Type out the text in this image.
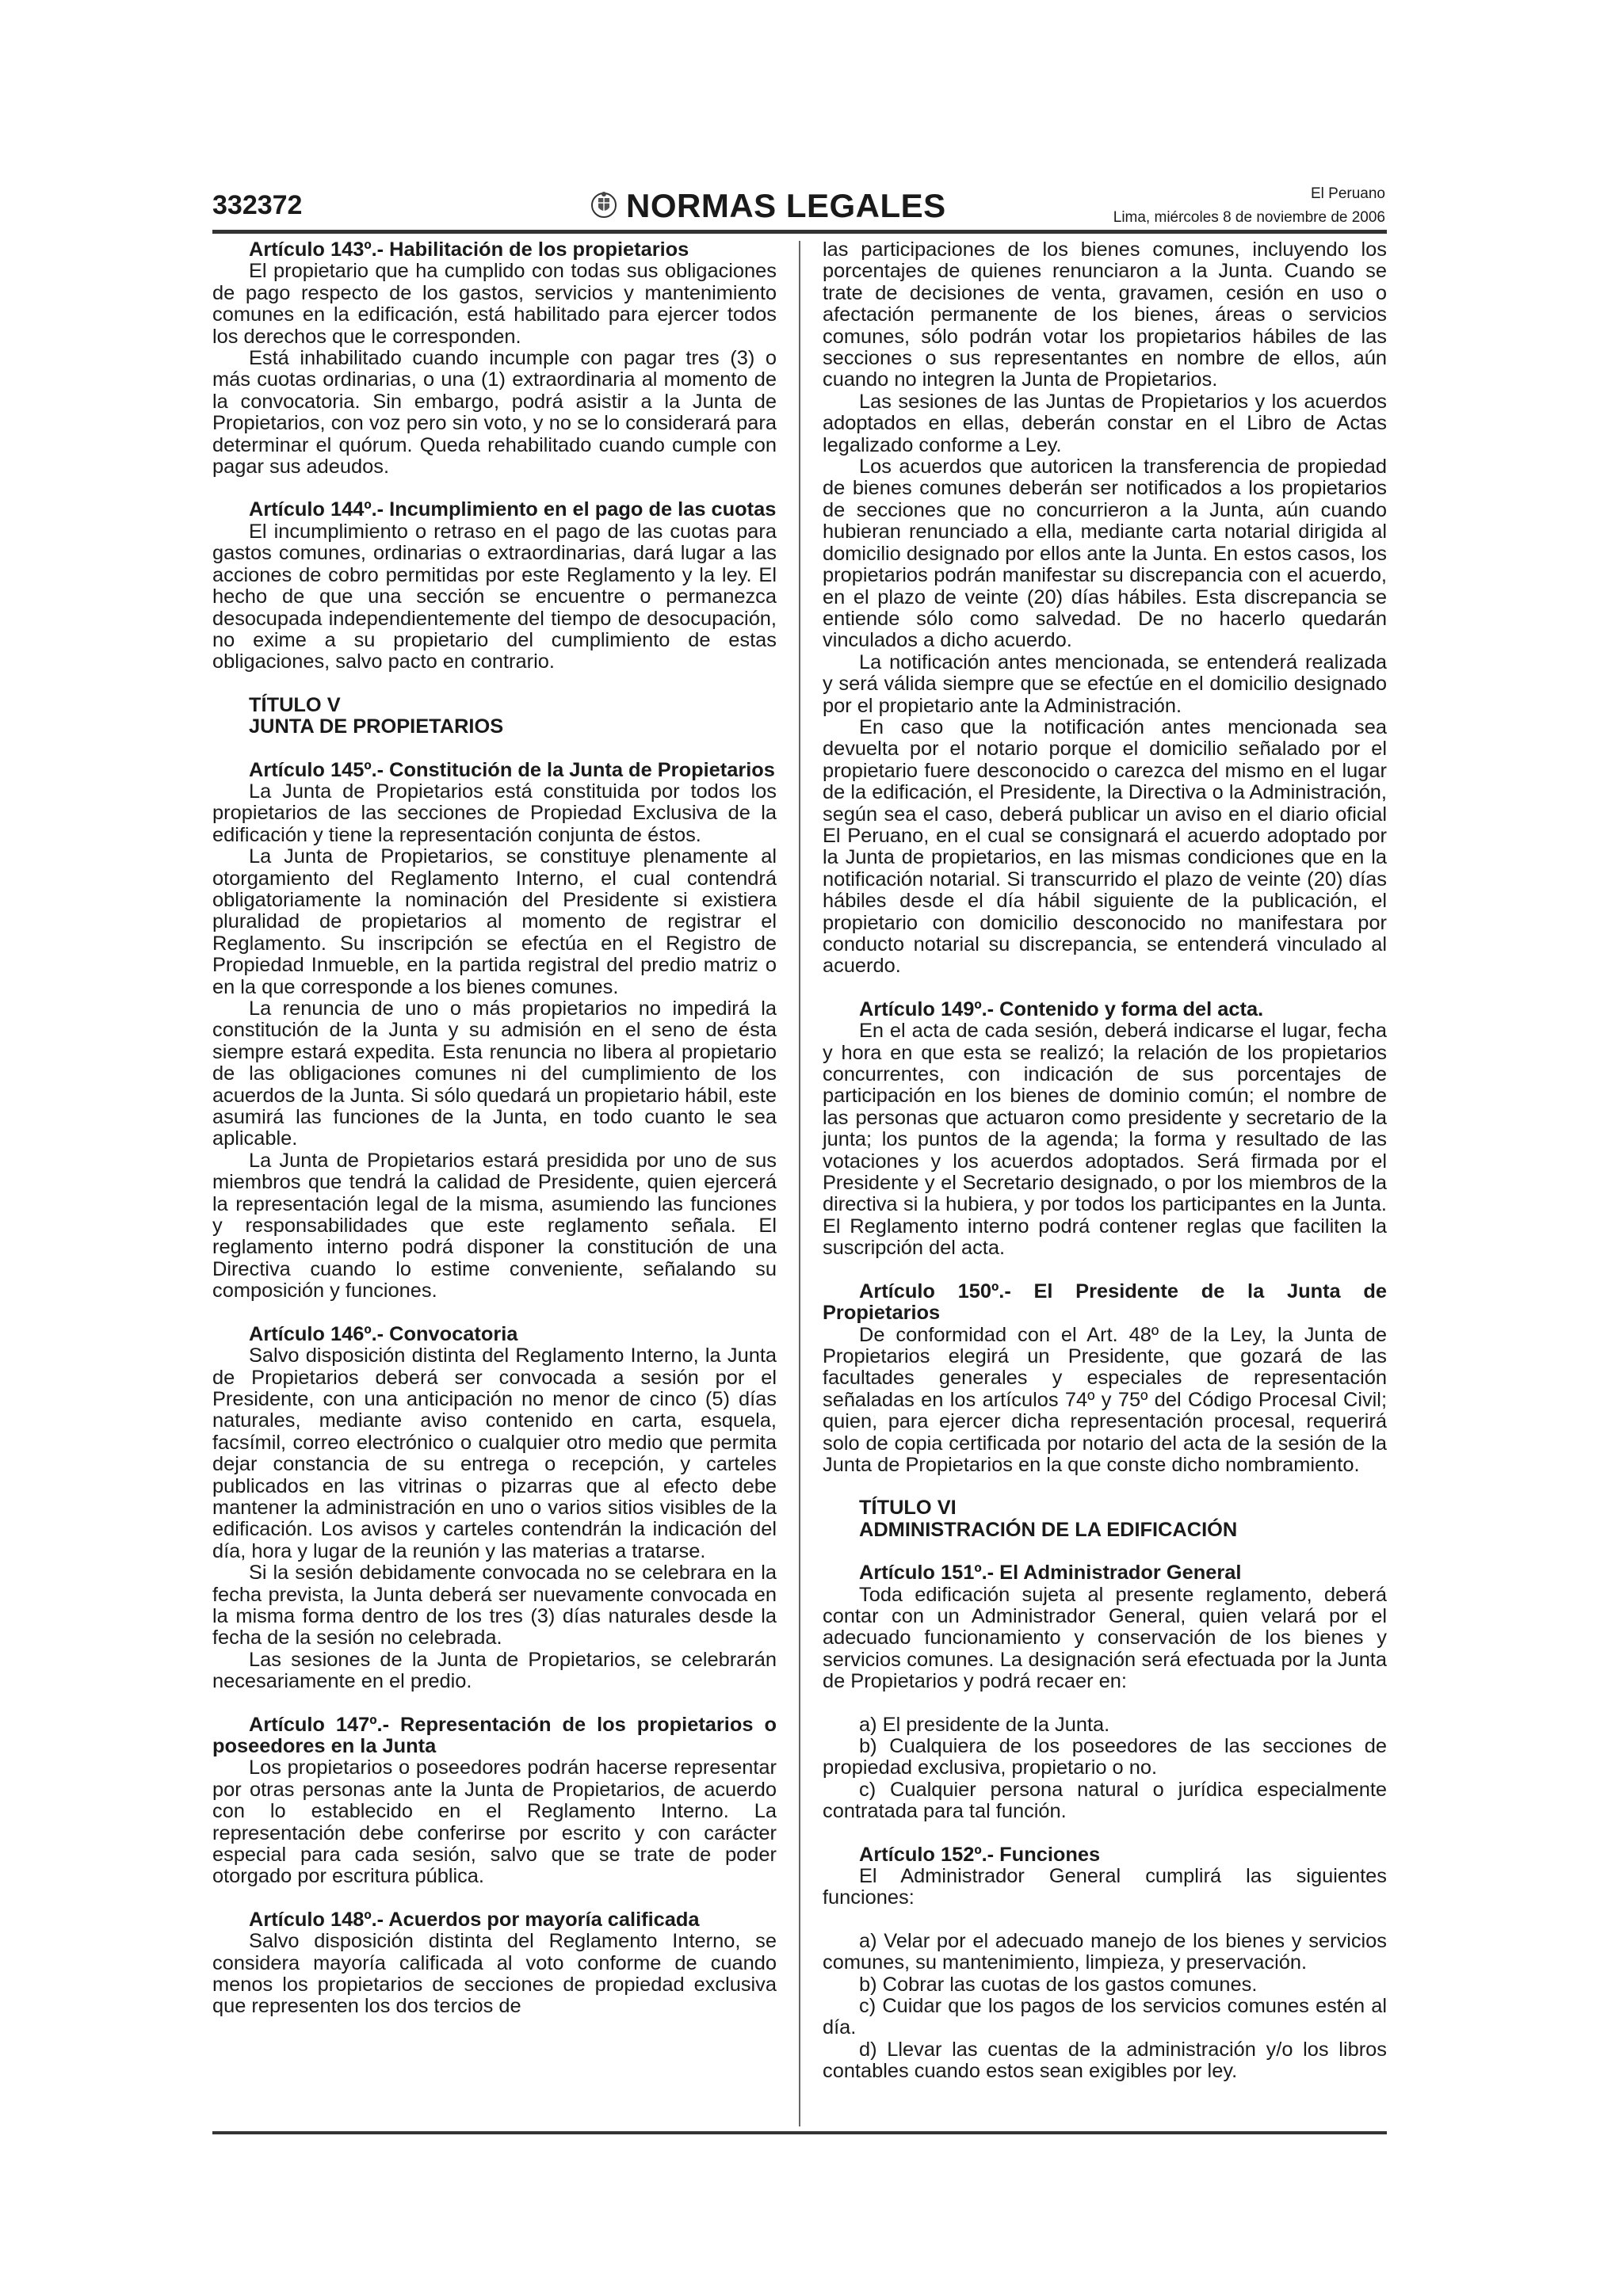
332372	NORMAS LEGALES	El Peruano
Lima, miércoles 8 de noviembre de 2006
Artículo 143º.- Habilitación de los propietarios

El propietario que ha cumplido con todas sus obligaciones de pago respecto de los gastos, servicios y mantenimiento comunes en la edificación, está habilitado para ejercer todos los derechos que le corresponden.

Está inhabilitado cuando incumple con pagar tres (3) o más cuotas ordinarias, o una (1) extraordinaria al momento de la convocatoria. Sin embargo, podrá asistir a la Junta de Propietarios, con voz pero sin voto, y no se lo considerará para determinar el quórum. Queda rehabilitado cuando cumple con pagar sus adeudos.

Artículo 144º.- Incumplimiento en el pago de las cuotas

El incumplimiento o retraso en el pago de las cuotas para gastos comunes, ordinarias o extraordinarias, dará lugar a las acciones de cobro permitidas por este Reglamento y la ley. El hecho de que una sección se encuentre o permanezca desocupada independientemente del tiempo de desocupación, no exime a su propietario del cumplimiento de estas obligaciones, salvo pacto en contrario.

TÍTULO V
JUNTA DE PROPIETARIOS
Artículo 145º.- Constitución de la Junta de Propietarios

La Junta de Propietarios está constituida por todos los propietarios de las secciones de Propiedad Exclusiva de la edificación y tiene la representación conjunta de éstos.

La Junta de Propietarios, se constituye plenamente al otorgamiento del Reglamento Interno, el cual contendrá obligatoriamente la nominación del Presidente si existiera pluralidad de propietarios al momento de registrar el Reglamento. Su inscripción se efectúa en el Registro de Propiedad Inmueble, en la partida registral del predio matriz o en la que corresponde a los bienes comunes.

La renuncia de uno o más propietarios no impedirá la constitución de la Junta y su admisión en el seno de ésta siempre estará expedita. Esta renuncia no libera al propietario de las obligaciones comunes ni del cumplimiento de los acuerdos de la Junta. Si sólo quedará un propietario hábil, este asumirá las funciones de la Junta, en todo cuanto le sea aplicable.

La Junta de Propietarios estará presidida por uno de sus miembros que tendrá la calidad de Presidente, quien ejercerá la representación legal de la misma, asumiendo las funciones y responsabilidades que este reglamento señala. El reglamento interno podrá disponer la constitución de una Directiva cuando lo estime conveniente, señalando su composición y funciones.

Artículo 146º.- Convocatoria

Salvo disposición distinta del Reglamento Interno, la Junta de Propietarios deberá ser convocada a sesión por el Presidente, con una anticipación no menor de cinco (5) días naturales, mediante aviso contenido en carta, esquela, facsímil, correo electrónico o cualquier otro medio que permita dejar constancia de su entrega o recepción, y carteles publicados en las vitrinas o pizarras que al efecto debe mantener la administración en uno o varios sitios visibles de la edificación. Los avisos y carteles contendrán la indicación del día, hora y lugar de la reunión y las materias a tratarse.

Si la sesión debidamente convocada no se celebrara en la fecha prevista, la Junta deberá ser nuevamente convocada en la misma forma dentro de los tres (3) días naturales desde la fecha de la sesión no celebrada.

Las sesiones de la Junta de Propietarios, se celebrarán necesariamente en el predio.

Artículo 147º.- Representación de los propietarios o poseedores en la Junta

Los propietarios o poseedores podrán hacerse representar por otras personas ante la Junta de Propietarios, de acuerdo con lo establecido en el Reglamento Interno. La representación debe conferirse por escrito y con carácter especial para cada sesión, salvo que se trate de poder otorgado por escritura pública.

Artículo 148º.- Acuerdos por mayoría calificada

Salvo disposición distinta del Reglamento Interno, se considera mayoría calificada al voto conforme de cuando menos los propietarios de secciones de propiedad exclusiva que representen los dos tercios de

las participaciones de los bienes comunes, incluyendo los porcentajes de quienes renunciaron a la Junta. Cuando se trate de decisiones de venta, gravamen, cesión en uso o afectación permanente de los bienes, áreas o servicios comunes, sólo podrán votar los propietarios hábiles de las secciones o sus representantes en nombre de ellos, aún cuando no integren la Junta de Propietarios.

Las sesiones de las Juntas de Propietarios y los acuerdos adoptados en ellas, deberán constar en el Libro de Actas legalizado conforme a Ley.

Los acuerdos que autoricen la transferencia de propiedad de bienes comunes deberán ser notificados a los propietarios de secciones que no concurrieron a la Junta, aún cuando hubieran renunciado a ella, mediante carta notarial dirigida al domicilio designado por ellos ante la Junta. En estos casos, los propietarios podrán manifestar su discrepancia con el acuerdo, en el plazo de veinte (20) días hábiles. Esta discrepancia se entiende sólo como salvedad. De no hacerlo quedarán vinculados a dicho acuerdo.

La notificación antes mencionada, se entenderá realizada y será válida siempre que se efectúe en el domicilio designado por el propietario ante la Administración.

En caso que la notificación antes mencionada sea devuelta por el notario porque el domicilio señalado por el propietario fuere desconocido o carezca del mismo en el lugar de la edificación, el Presidente, la Directiva o la Administración, según sea el caso, deberá publicar un aviso en el diario oficial El Peruano, en el cual se consignará el acuerdo adoptado por la Junta de propietarios, en las mismas condiciones que en la notificación notarial. Si transcurrido el plazo de veinte (20) días hábiles desde el día hábil siguiente de la publicación, el propietario con domicilio desconocido no manifestara por conducto notarial su discrepancia, se entenderá vinculado al acuerdo.

Artículo 149º.- Contenido y forma del acta.

En el acta de cada sesión, deberá indicarse el lugar, fecha y hora en que esta se realizó; la relación de los propietarios concurrentes, con indicación de sus porcentajes de participación en los bienes de dominio común; el nombre de las personas que actuaron como presidente y secretario de la junta; los puntos de la agenda; la forma y resultado de las votaciones y los acuerdos adoptados. Será firmada por el Presidente y el Secretario designado, o por los miembros de la directiva si la hubiera, y por todos los participantes en la Junta. El Reglamento interno podrá contener reglas que faciliten la suscripción del acta.

Artículo 150º.- El Presidente de la Junta de Propietarios

De conformidad con el Art. 48º de la Ley, la Junta de Propietarios elegirá un Presidente, que gozará de las facultades generales y especiales de representación señaladas en los artículos 74º y 75º del Código Procesal Civil; quien, para ejercer dicha representación procesal, requerirá solo de copia certificada por notario del acta de la sesión de la Junta de Propietarios en la que conste dicho nombramiento.

TÍTULO VI
ADMINISTRACIÓN DE LA EDIFICACIÓN
Artículo 151º.- El Administrador General

Toda edificación sujeta al presente reglamento, deberá contar con un Administrador General, quien velará por el adecuado funcionamiento y conservación de los bienes y servicios comunes. La designación será efectuada por la Junta de Propietarios y podrá recaer en:

a) El presidente de la Junta.

b) Cualquiera de los poseedores de las secciones de propiedad exclusiva, propietario o no.

c) Cualquier persona natural o jurídica especialmente contratada para tal función.

Artículo 152º.- Funciones

El Administrador General cumplirá las siguientes funciones:

a) Velar por el adecuado manejo de los bienes y servicios comunes, su mantenimiento, limpieza, y preservación.

b) Cobrar las cuotas de los gastos comunes.

c) Cuidar que los pagos de los servicios comunes estén al día.

d) Llevar las cuentas de la administración y/o los libros contables cuando estos sean exigibles por ley.
